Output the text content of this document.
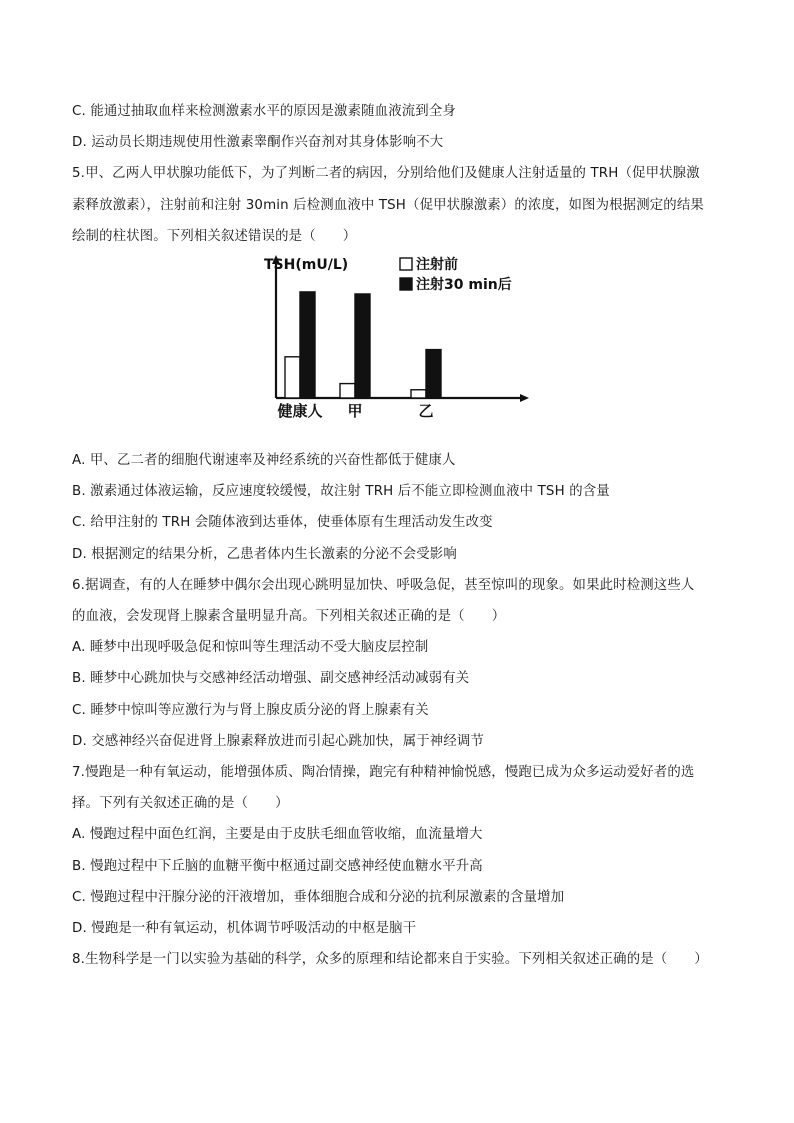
C. 能通过抽取血样来检测激素水平的原因是激素随血液流到全身
D. 运动员长期违规使用性激素睾酮作兴奋剂对其身体影响不大
5.甲、乙两人甲状腺功能低下，为了判断二者的病因，分别给他们及健康人注射适量的 TRH（促甲状腺激
素释放激素），注射前和注射 30min 后检测血液中 TSH（促甲状腺激素）的浓度，如图为根据测定的结果
绘制的柱状图。下列相关叙述错误的是（　　）
TSH(mU/L)	注射前
注射30 min后
健康人 甲	乙
A. 甲、乙二者的细胞代谢速率及神经系统的兴奋性都低于健康人
B. 激素通过体液运输，反应速度较缓慢，故注射 TRH 后不能立即检测血液中 TSH 的含量
C. 给甲注射的 TRH 会随体液到达垂体，使垂体原有生理活动发生改变
D. 根据测定的结果分析，乙患者体内生长激素的分泌不会受影响
6.据调查，有的人在睡梦中偶尔会出现心跳明显加快、呼吸急促，甚至惊叫的现象。如果此时检测这些人
的血液，会发现肾上腺素含量明显升高。下列相关叙述正确的是（　　）
A. 睡梦中出现呼吸急促和惊叫等生理活动不受大脑皮层控制
B. 睡梦中心跳加快与交感神经活动增强、副交感神经活动减弱有关
C. 睡梦中惊叫等应激行为与肾上腺皮质分泌的肾上腺素有关
D. 交感神经兴奋促进肾上腺素释放进而引起心跳加快，属于神经调节
7.慢跑是一种有氧运动，能增强体质、陶冶情操，跑完有种精神愉悦感，慢跑已成为众多运动爱好者的选
择。下列有关叙述正确的是（　　）
A. 慢跑过程中面色红润，主要是由于皮肤毛细血管收缩，血流量增大
B. 慢跑过程中下丘脑的血糖平衡中枢通过副交感神经使血糖水平升高
C. 慢跑过程中汗腺分泌的汗液增加，垂体细胞合成和分泌的抗利尿激素的含量增加
D. 慢跑是一种有氧运动，机体调节呼吸活动的中枢是脑干
8.生物科学是一门以实验为基础的科学，众多的原理和结论都来自于实验。下列相关叙述正确的是（　　）
